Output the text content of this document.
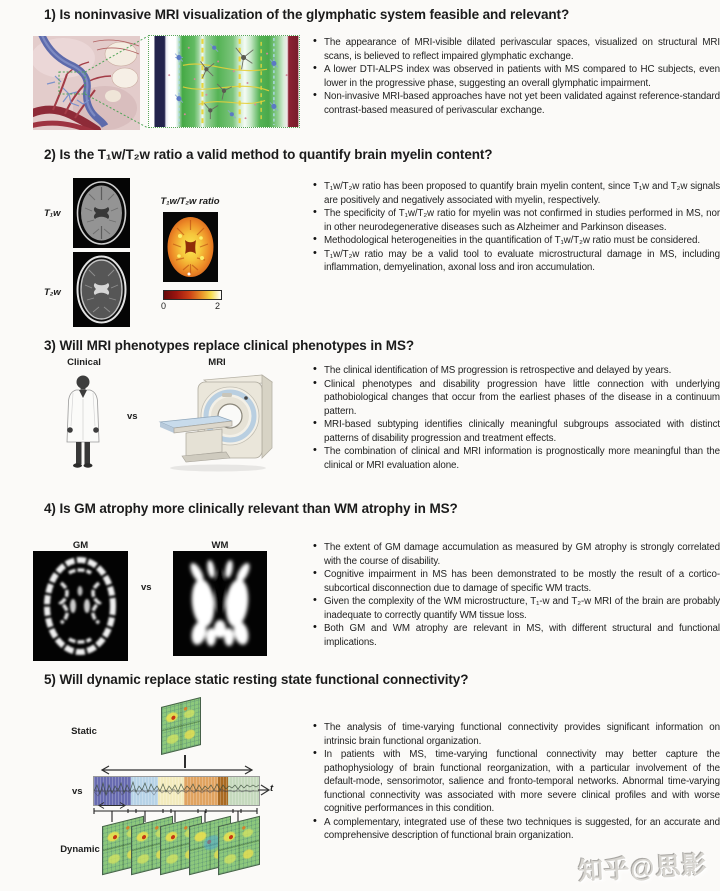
1) Is noninvasive MRI visualization of the glymphatic system feasible and relevant?
• The appearance of MRI-visible dilated perivascular spaces, visualized on structural MRI scans, is believed to reflect impaired glymphatic exchange.
• A lower DTI-ALPS index was observed in patients with MS compared to HC subjects, even lower in the progressive phase, suggesting an overall glymphatic impairment.
• Non-invasive MRI-based approaches have not yet been validated against reference-standard contrast-based measured of perivascular exchange.
2) Is the T₁w/T₂w ratio a valid method to quantify brain myelin content?
T₁w
T₂w
T₁w/T₂w ratio
0	2
• T₁w/T₂w ratio has been proposed to quantify brain myelin content, since T₁w and T₂w signals are positively and negatively associated with myelin, respectively.
• The specificity of T₁w/T₂w ratio for myelin was not confirmed in studies performed in MS, nor in other neurodegenerative diseases such as Alzheimer and Parkinson diseases.
• Methodological heterogeneities in the quantification of T₁w/T₂w ratio must be considered.
• T₁w/T₂w ratio may be a valid tool to evaluate microstructural damage in MS, including inflammation, demyelination, axonal loss and iron accumulation.
3) Will MRI phenotypes replace clinical phenotypes in MS?
Clinical
vs
MRI
• The clinical identification of MS progression is retrospective and delayed by years.
• Clinical phenotypes and disability progression have little connection with underlying pathobiological changes that occur from the earliest phases of the disease in a continuum pattern.
• MRI-based subtyping identifies clinically meaningful subgroups associated with distinct patterns of disability progression and treatment effects.
• The combination of clinical and MRI information is prognostically more meaningful than the clinical or MRI evaluation alone.
4) Is GM atrophy more clinically relevant than WM atrophy in MS?
GM
vs
WM	• The extent of GM damage accumulation as measured by GM atrophy is strongly correlated with the course of disability.
• Cognitive impairment in MS has been demonstrated to be mostly the result of a cortico-subcortical disconnection due to damage of specific WM tracts.
• Given the complexity of the WM microstructure, T₁-w and T₂-w MRI of the brain are probably inadequate to correctly quantify WM tissue loss.
• Both GM and WM atrophy are relevant in MS, with different structural and functional implications.
5) Will dynamic replace static resting state functional connectivity?
Static
t
vs
Dynamic
• The analysis of time-varying functional connectivity provides significant information on intrinsic brain functional organization.
• In patients with MS, time-varying functional connectivity may better capture the pathophysiology of brain functional reorganization, with a particular involvement of the default-mode, sensorimotor, salience and fronto-temporal networks. Abnormal time-varying functional connectivity was associated with more severe clinical profiles and with worse cognitive performances in this condition.
• A complementary, integrated use of these two techniques is suggested, for an accurate and comprehensive description of functional brain organization.
知乎@思影
